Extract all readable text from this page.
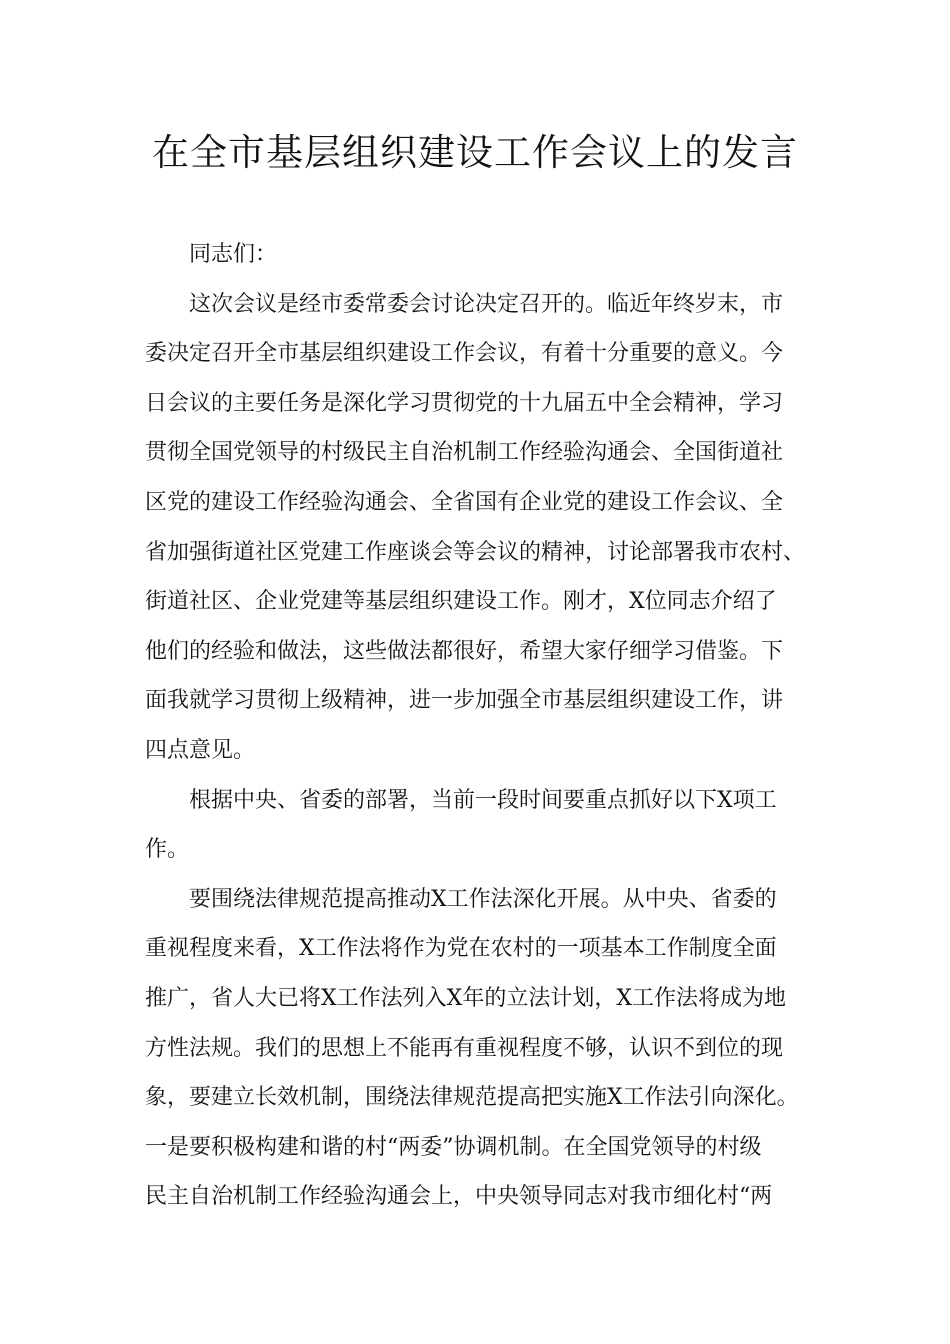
在全市基层组织建设工作会议上的发言
同志们：
这次会议是经市委常委会讨论决定召开的。临近年终岁末，市
委决定召开全市基层组织建设工作会议，有着十分重要的意义。今
日会议的主要任务是深化学习贯彻党的十九届五中全会精神，学习
贯彻全国党领导的村级民主自治机制工作经验沟通会、全国街道社
区党的建设工作经验沟通会、全省国有企业党的建设工作会议、全
省加强街道社区党建工作座谈会等会议的精神，讨论部署我市农村、
街道社区、企业党建等基层组织建设工作。刚才，X位同志介绍了
他们的经验和做法，这些做法都很好，希望大家仔细学习借鉴。下
面我就学习贯彻上级精神，进一步加强全市基层组织建设工作，讲
四点意见。
根据中央、省委的部署，当前一段时间要重点抓好以下X项工
作。
要围绕法律规范提高推动X工作法深化开展。从中央、省委的
重视程度来看，X工作法将作为党在农村的一项基本工作制度全面
推广，省人大已将X工作法列入X年的立法计划，X工作法将成为地
方性法规。我们的思想上不能再有重视程度不够，认识不到位的现
象，要建立长效机制，围绕法律规范提高把实施X工作法引向深化。
一是要积极构建和谐的村“两委”协调机制。在全国党领导的村级
民主自治机制工作经验沟通会上，中央领导同志对我市细化村“两
